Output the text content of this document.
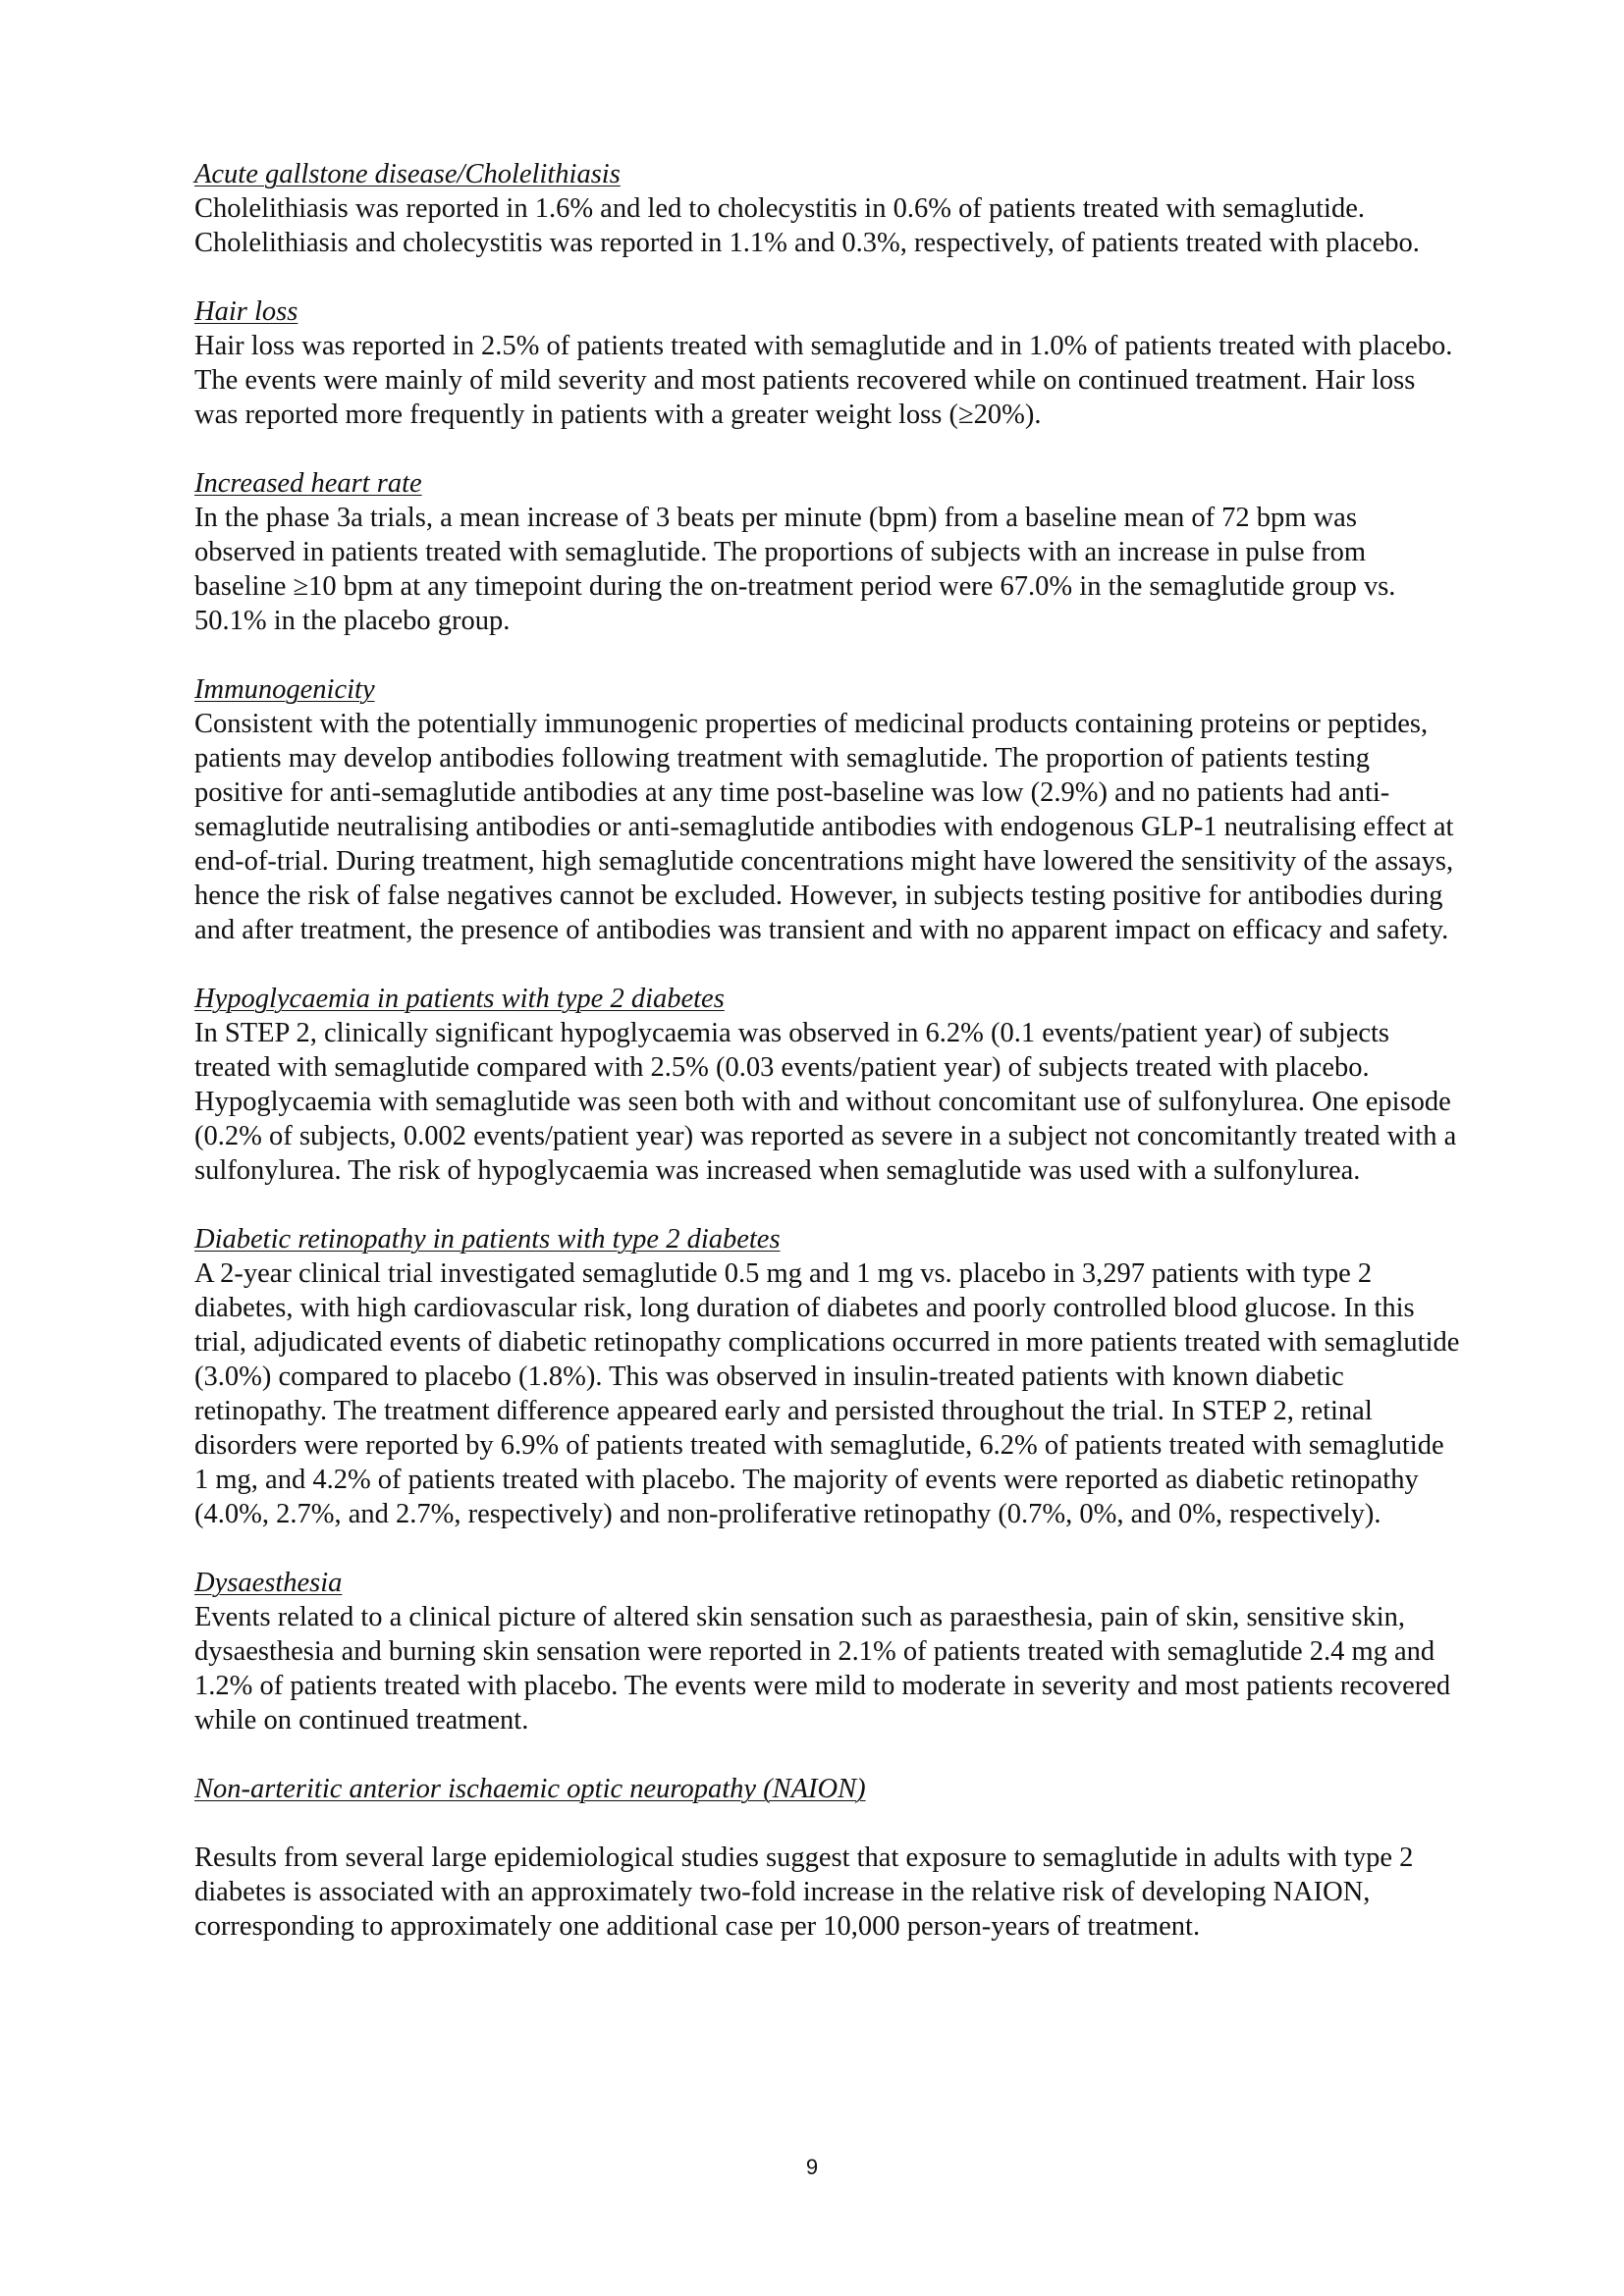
Acute gallstone disease/Cholelithiasis

Cholelithiasis was reported in 1.6% and led to cholecystitis in 0.6% of patients treated with semaglutide. Cholelithiasis and cholecystitis was reported in 1.1% and 0.3%, respectively, of patients treated with placebo.

Hair loss

Hair loss was reported in 2.5% of patients treated with semaglutide and in 1.0% of patients treated with placebo. The events were mainly of mild severity and most patients recovered while on continued treatment. Hair loss was reported more frequently in patients with a greater weight loss (≥20%).

Increased heart rate

In the phase 3a trials, a mean increase of 3 beats per minute (bpm) from a baseline mean of 72 bpm was observed in patients treated with semaglutide. The proportions of subjects with an increase in pulse from baseline ≥10 bpm at any timepoint during the on-treatment period were 67.0% in the semaglutide group vs. 50.1% in the placebo group.

Immunogenicity

Consistent with the potentially immunogenic properties of medicinal products containing proteins or peptides, patients may develop antibodies following treatment with semaglutide. The proportion of patients testing positive for anti-semaglutide antibodies at any time post-baseline was low (2.9%) and no patients had anti-semaglutide neutralising antibodies or anti-semaglutide antibodies with endogenous GLP-1 neutralising effect at end-of-trial. During treatment, high semaglutide concentrations might have lowered the sensitivity of the assays, hence the risk of false negatives cannot be excluded. However, in subjects testing positive for antibodies during and after treatment, the presence of antibodies was transient and with no apparent impact on efficacy and safety.

Hypoglycaemia in patients with type 2 diabetes

In STEP 2, clinically significant hypoglycaemia was observed in 6.2% (0.1 events/patient year) of subjects treated with semaglutide compared with 2.5% (0.03 events/patient year) of subjects treated with placebo. Hypoglycaemia with semaglutide was seen both with and without concomitant use of sulfonylurea. One episode (0.2% of subjects, 0.002 events/patient year) was reported as severe in a subject not concomitantly treated with a sulfonylurea. The risk of hypoglycaemia was increased when semaglutide was used with a sulfonylurea.

Diabetic retinopathy in patients with type 2 diabetes

A 2-year clinical trial investigated semaglutide 0.5 mg and 1 mg vs. placebo in 3,297 patients with type 2 diabetes, with high cardiovascular risk, long duration of diabetes and poorly controlled blood glucose. In this trial, adjudicated events of diabetic retinopathy complications occurred in more patients treated with semaglutide (3.0%) compared to placebo (1.8%). This was observed in insulin-treated patients with known diabetic retinopathy. The treatment difference appeared early and persisted throughout the trial. In STEP 2, retinal disorders were reported by 6.9% of patients treated with semaglutide, 6.2% of patients treated with semaglutide 1 mg, and 4.2% of patients treated with placebo. The majority of events were reported as diabetic retinopathy (4.0%, 2.7%, and 2.7%, respectively) and non-proliferative retinopathy (0.7%, 0%, and 0%, respectively).

Dysaesthesia

Events related to a clinical picture of altered skin sensation such as paraesthesia, pain of skin, sensitive skin, dysaesthesia and burning skin sensation were reported in 2.1% of patients treated with semaglutide 2.4 mg and 1.2% of patients treated with placebo. The events were mild to moderate in severity and most patients recovered while on continued treatment.

Non-arteritic anterior ischaemic optic neuropathy (NAION)

Results from several large epidemiological studies suggest that exposure to semaglutide in adults with type 2 diabetes is associated with an approximately two-fold increase in the relative risk of developing NAION, corresponding to approximately one additional case per 10,000 person-years of treatment.

9
